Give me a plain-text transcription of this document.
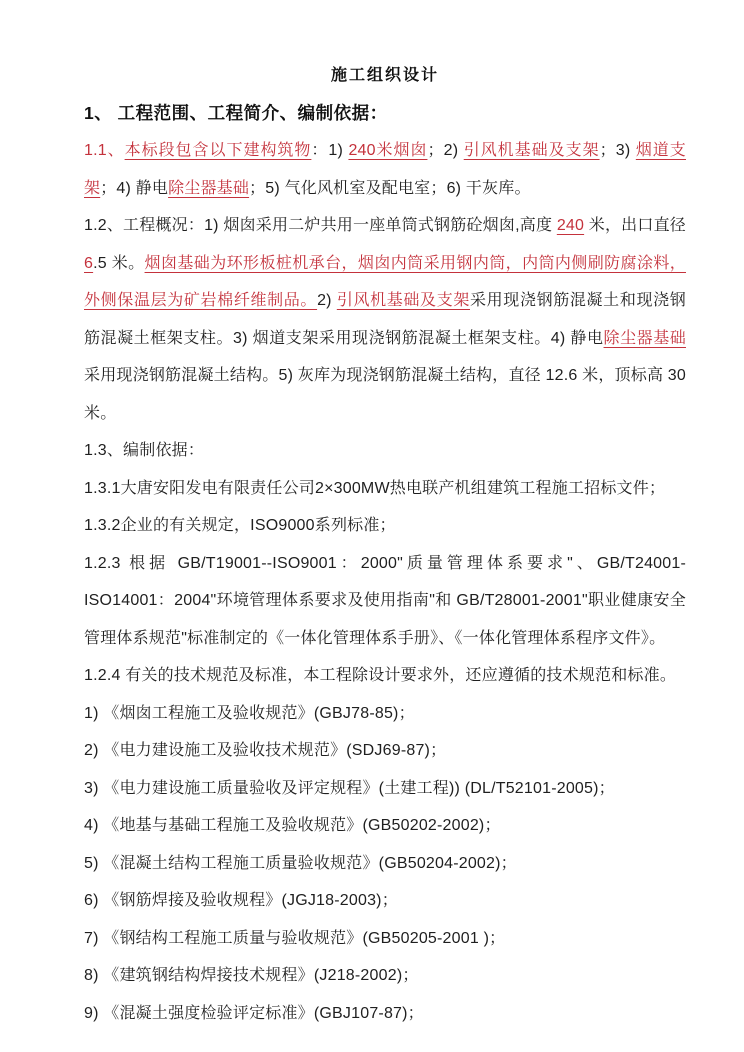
施工组织设计

1、 工程范围、工程简介、编制依据：

1.1、本标段包含以下建构筑物：1) 240米烟囱；2) 引风机基础及支架；3) 烟道支架；4) 静电除尘器基础；5) 气化风机室及配电室；6) 干灰库。

1.2、工程概况：1) 烟囱采用二炉共用一座单筒式钢筋砼烟囱,高度 240 米，出口直径 6.5 米。烟囱基础为环形板桩机承台，烟囱内筒采用钢内筒，内筒内侧刷防腐涂料，外侧保温层为矿岩棉纤维制品。2) 引风机基础及支架采用现浇钢筋混凝土和现浇钢筋混凝土框架支柱。3) 烟道支架采用现浇钢筋混凝土框架支柱。4) 静电除尘器基础采用现浇钢筋混凝土结构。5) 灰库为现浇钢筋混凝土结构，直径 12.6 米，顶标高 30 米。

1.3、编制依据：

1.3.1大唐安阳发电有限责任公司2×300MW热电联产机组建筑工程施工招标文件；

1.3.2企业的有关规定，ISO9000系列标准；

1.2.3 根据 GB/T19001--ISO9001：2000"质量管理体系要求"、GB/T24001-ISO14001：2004"环境管理体系要求及使用指南"和 GB/T28001-2001"职业健康安全管理体系规范"标准制定的《一体化管理体系手册》、《一体化管理体系程序文件》。

1.2.4 有关的技术规范及标准，本工程除设计要求外，还应遵循的技术规范和标准。

1) 《烟囱工程施工及验收规范》(GBJ78-85)；

2) 《电力建设施工及验收技术规范》(SDJ69-87)；

3) 《电力建设施工质量验收及评定规程》(土建工程)) (DL/T52101-2005)；

4) 《地基与基础工程施工及验收规范》(GB50202-2002)；

5) 《混凝土结构工程施工质量验收规范》(GB50204-2002)；

6) 《钢筋焊接及验收规程》(JGJ18-2003)；

7) 《钢结构工程施工质量与验收规范》(GB50205-2001 )；

8) 《建筑钢结构焊接技术规程》(J218-2002)；

9) 《混凝土强度检验评定标准》(GBJ107-87)；
